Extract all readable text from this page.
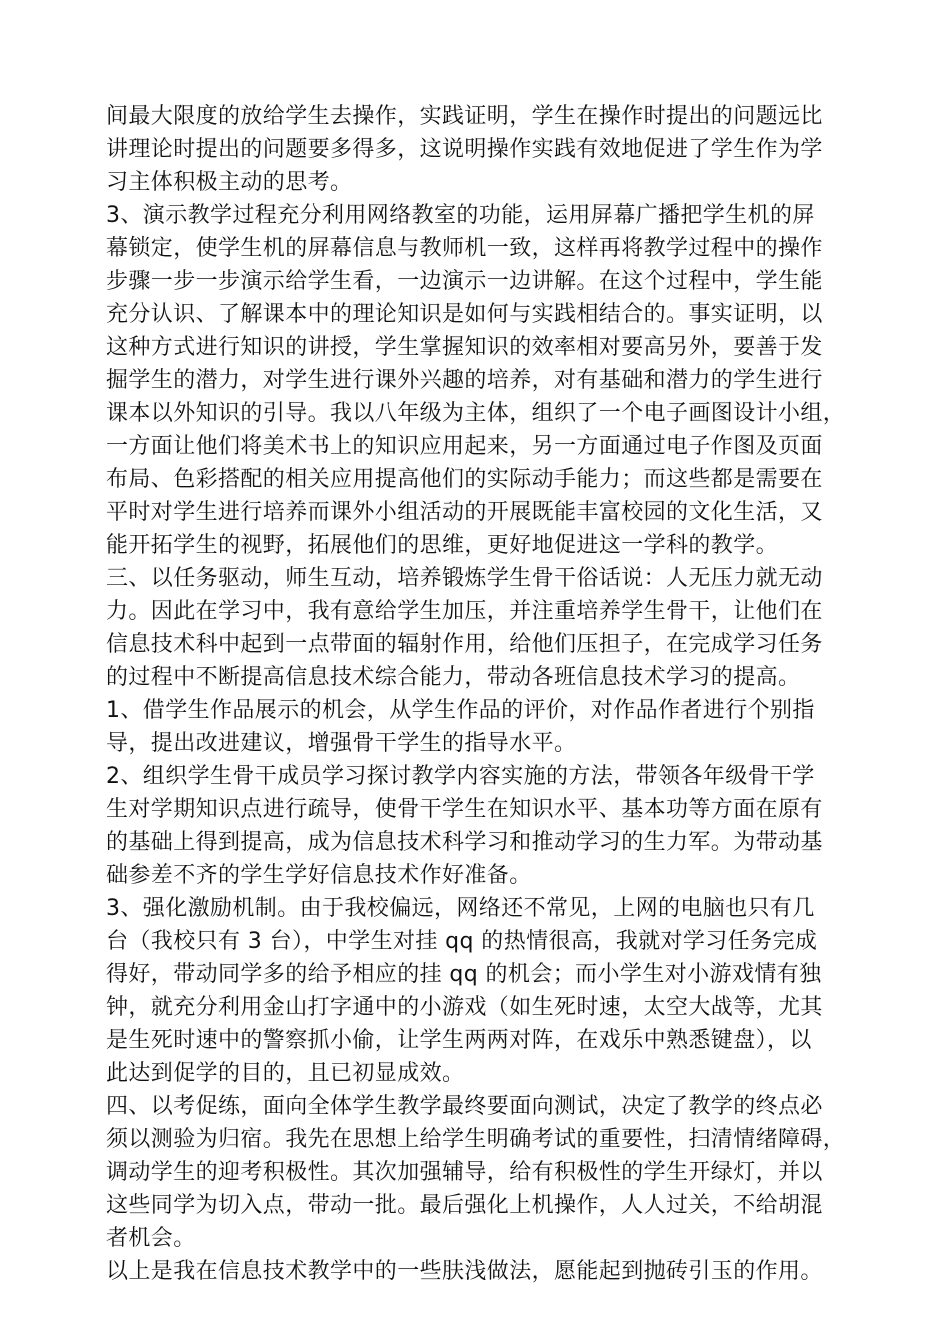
间最大限度的放给学生去操作，实践证明，学生在操作时提出的问题远比
讲理论时提出的问题要多得多，这说明操作实践有效地促进了学生作为学
习主体积极主动的思考。
3、演示教学过程充分利用网络教室的功能，运用屏幕广播把学生机的屏
幕锁定，使学生机的屏幕信息与教师机一致，这样再将教学过程中的操作
步骤一步一步演示给学生看，一边演示一边讲解。在这个过程中，学生能
充分认识、了解课本中的理论知识是如何与实践相结合的。事实证明，以
这种方式进行知识的讲授，学生掌握知识的效率相对要高另外，要善于发
掘学生的潜力，对学生进行课外兴趣的培养，对有基础和潜力的学生进行
课本以外知识的引导。我以八年级为主体，组织了一个电子画图设计小组，
一方面让他们将美术书上的知识应用起来，另一方面通过电子作图及页面
布局、色彩搭配的相关应用提高他们的实际动手能力；而这些都是需要在
平时对学生进行培养而课外小组活动的开展既能丰富校园的文化生活，又
能开拓学生的视野，拓展他们的思维，更好地促进这一学科的教学。
三、以任务驱动，师生互动，培养锻炼学生骨干俗话说：人无压力就无动
力。因此在学习中，我有意给学生加压，并注重培养学生骨干，让他们在
信息技术科中起到一点带面的辐射作用，给他们压担子，在完成学习任务
的过程中不断提高信息技术综合能力，带动各班信息技术学习的提高。
1、借学生作品展示的机会，从学生作品的评价，对作品作者进行个别指
导，提出改进建议，增强骨干学生的指导水平。
2、组织学生骨干成员学习探讨教学内容实施的方法，带领各年级骨干学
生对学期知识点进行疏导，使骨干学生在知识水平、基本功等方面在原有
的基础上得到提高，成为信息技术科学习和推动学习的生力军。为带动基
础参差不齐的学生学好信息技术作好准备。
3、强化激励机制。由于我校偏远，网络还不常见，上网的电脑也只有几
台（我校只有 3 台），中学生对挂 qq 的热情很高，我就对学习任务完成
得好，带动同学多的给予相应的挂 qq 的机会；而小学生对小游戏情有独
钟，就充分利用金山打字通中的小游戏（如生死时速，太空大战等，尤其
是生死时速中的警察抓小偷，让学生两两对阵，在戏乐中熟悉键盘），以
此达到促学的目的，且已初显成效。
四、以考促练，面向全体学生教学最终要面向测试，决定了教学的终点必
须以测验为归宿。我先在思想上给学生明确考试的重要性，扫清情绪障碍，
调动学生的迎考积极性。其次加强辅导，给有积极性的学生开绿灯，并以
这些同学为切入点，带动一批。最后强化上机操作，人人过关，不给胡混
者机会。
以上是我在信息技术教学中的一些肤浅做法，愿能起到抛砖引玉的作用。
